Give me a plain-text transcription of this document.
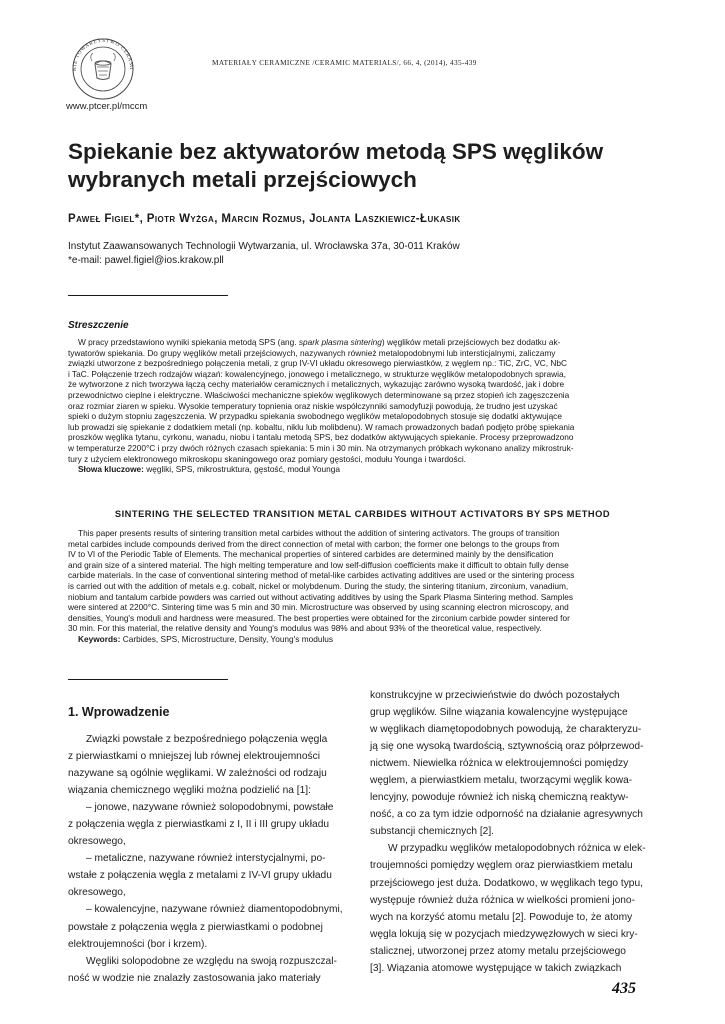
KIE TOWARZYSTWO CERAMI
www.ptcer.pl/mccm
MATERIAŁY CERAMICZNE /CERAMIC MATERIALS/, 66, 4, (2014), 435-439
Spiekanie bez aktywatorów metodą SPS węglików
wybranych metali przejściowych
Paweł Figiel*, Piotr Wyżga, Marcin Rozmus, Jolanta Laszkiewicz-Łukasik
Instytut Zaawansowanych Technologii Wytwarzania, ul. Wrocławska 37a, 30-011 Kraków
*e-mail: pawel.figiel@ios.krakow.pll
Streszczenie
W pracy przedstawiono wyniki spiekania metodą SPS (ang. spark plasma sintering) węglików metali przejściowych bez dodatku ak-
tywatorów spiekania. Do grupy węglików metali przejściowych, nazywanych również metalopodobnymi lub intersticjalnymi, zaliczamy
związki utworzone z bezpośredniego połączenia metali, z grup IV-VI układu okresowego pierwiastków, z węglem np.: TiC, ZrC, VC, NbC
i TaC. Połączenie trzech rodzajów wiązań: kowalencyjnego, jonowego i metalicznego, w strukturze węglików metalopodobnych sprawia,
że wytworzone z nich tworzywa łączą cechy materiałów ceramicznych i metalicznych, wykazując zarówno wysoką twardość, jak i dobre
przewodnictwo cieplne i elektryczne. Właściwości mechaniczne spieków węglikowych determinowane są przez stopień ich zagęszczenia
oraz rozmiar ziaren w spieku. Wysokie temperatury topnienia oraz niskie współczynniki samodyfuzji powodują, że trudno jest uzyskać
spieki o dużym stopniu zagęszczenia. W przypadku spiekania swobodnego węglików metalopodobnych stosuje się dodatki aktywujące
lub prowadzi się spiekanie z dodatkiem metali (np. kobaltu, niklu lub molibdenu). W ramach prowadzonych badań podjęto próbę spiekania
proszków węglika tytanu, cyrkonu, wanadu, niobu i tantalu metodą SPS, bez dodatków aktywujących spiekanie. Procesy przeprowadzono
w temperaturze 2200°C i przy dwóch różnych czasach spiekania: 5 min i 30 min. Na otrzymanych próbkach wykonano analizy mikrostruk-
tury z użyciem elektronowego mikroskopu skaningowego oraz pomiary gęstości, modułu Younga i twardości.
Słowa kluczowe: węgliki, SPS, mikrostruktura, gęstość, moduł Younga
SINTERING THE SELECTED TRANSITION METAL CARBIDES WITHOUT ACTIVATORS BY SPS METHOD
This paper presents results of sintering transition metal carbides without the addition of sintering activators. The groups of transition
metal carbides include compounds derived from the direct connection of metal with carbon; the former one belongs to the groups from
IV to VI of the Periodic Table of Elements. The mechanical properties of sintered carbides are determined mainly by the densification
and grain size of a sintered material. The high melting temperature and low self-diffusion coefficients make it difficult to obtain fully dense
carbide materials. In the case of conventional sintering method of metal-like carbides activating additives are used or the sintering process
is carried out with the addition of metals e.g. cobalt, nickel or molybdenum. During the study, the sintering titanium, zirconium, vanadium,
niobium and tantalum carbide powders was carried out without activating additives by using the Spark Plasma Sintering method. Samples
were sintered at 2200°C. Sintering time was 5 min and 30 min. Microstructure was observed by using scanning electron microscopy, and
densities, Young's moduli and hardness were measured. The best properties were obtained for the zirconium carbide powder sintered for
30 min. For this material, the relative density and Young's modulus was 98% and about 93% of the theoretical value, respectively.
Keywords: Carbides, SPS, Microstructure, Density, Young's modulus
1. Wprowadzenie
Związki powstałe z bezpośredniego połączenia węgla
z pierwiastkami o mniejszej lub równej elektroujemności
nazywane są ogólnie węglikami. W zależności od rodzaju
wiązania chemicznego węgliki można podzielić na [1]:
– jonowe, nazywane również solopodobnymi, powstałe
z połączenia węgla z pierwiastkami z I, II i III grupy układu
okresowego,
– metaliczne, nazywane również interstycjalnymi, po-
wstałe z połączenia węgla z metalami z IV-VI grupy układu
okresowego,
– kowalencyjne, nazywane również diamentopodobnymi,
powstałe z połączenia węgla z pierwiastkami o podobnej
elektroujemności (bor i krzem).
Węgliki solopodobne ze względu na swoją rozpuszczal-
ność w wodzie nie znalazły zastosowania jako materiały
konstrukcyjne w przeciwieństwie do dwóch pozostałych
grup węglików. Silne wiązania kowalencyjne występujące
w węglikach diamętopodobnych powodują, że charakteryzu-
ją się one wysoką twardością, sztywnością oraz półprzewod-
nictwem. Niewielka różnica w elektroujemności pomiędzy
węglem, a pierwiastkiem metalu, tworzącymi węglik kowa-
lencyjny, powoduje również ich niską chemiczną reaktyw-
ność, a co za tym idzie odporność na działanie agresywnych
substancji chemicznych [2].
W przypadku węglików metalopodobnych różnica w elek-
troujemności pomiędzy węglem oraz pierwiastkiem metalu
przejściowego jest duża. Dodatkowo, w węglikach tego typu,
występuje również duża różnica w wielkości promieni jono-
wych na korzyść atomu metalu [2]. Powoduje to, że atomy
węgla lokują się w pozycjach miedzywęzłowych w sieci kry-
stalicznej, utworzonej przez atomy metalu przejściowego
[3]. Wiązania atomowe występujące w takich związkach
435
